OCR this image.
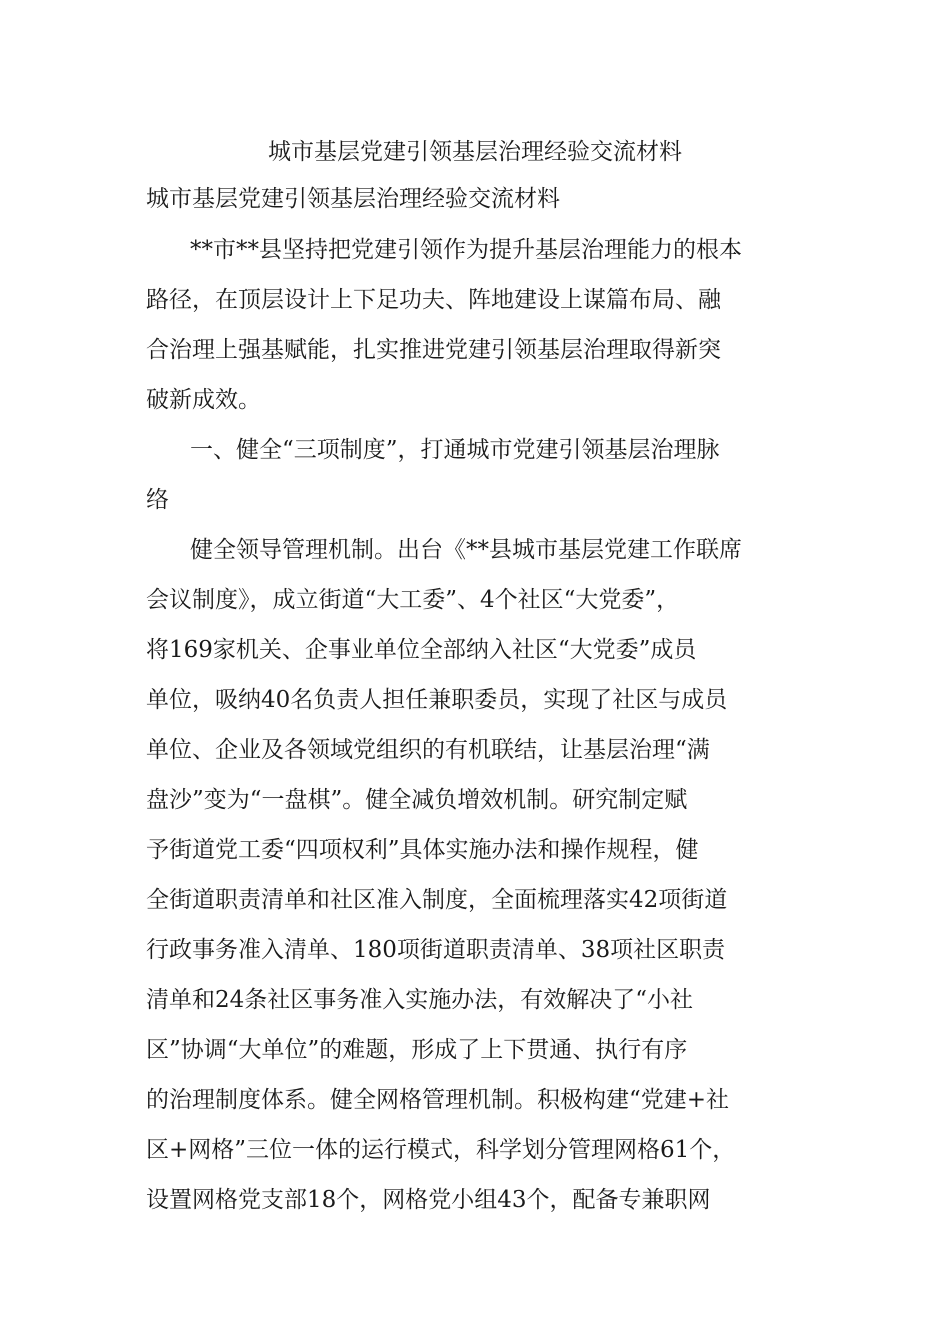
城市基层党建引领基层治理经验交流材料
城市基层党建引领基层治理经验交流材料
**市**县坚持把党建引领作为提升基层治理能力的根本
路径，在顶层设计上下足功夫、阵地建设上谋篇布局、融
合治理上强基赋能，扎实推进党建引领基层治理取得新突
破新成效。
一、健全“三项制度”，打通城市党建引领基层治理脉
络
健全领导管理机制。出台《**县城市基层党建工作联席
会议制度》，成立街道“大工委”、4个社区“大党委”，
将169家机关、企事业单位全部纳入社区“大党委”成员
单位，吸纳40名负责人担任兼职委员，实现了社区与成员
单位、企业及各领域党组织的有机联结，让基层治理“满
盘沙”变为“一盘棋”。健全减负增效机制。研究制定赋
予街道党工委“四项权利”具体实施办法和操作规程，健
全街道职责清单和社区准入制度，全面梳理落实42项街道
行政事务准入清单、180项街道职责清单、38项社区职责
清单和24条社区事务准入实施办法，有效解决了“小社
区”协调“大单位”的难题，形成了上下贯通、执行有序
的治理制度体系。健全网格管理机制。积极构建“党建+社
区+网格”三位一体的运行模式，科学划分管理网格61个，
设置网格党支部18个，网格党小组43个，配备专兼职网
